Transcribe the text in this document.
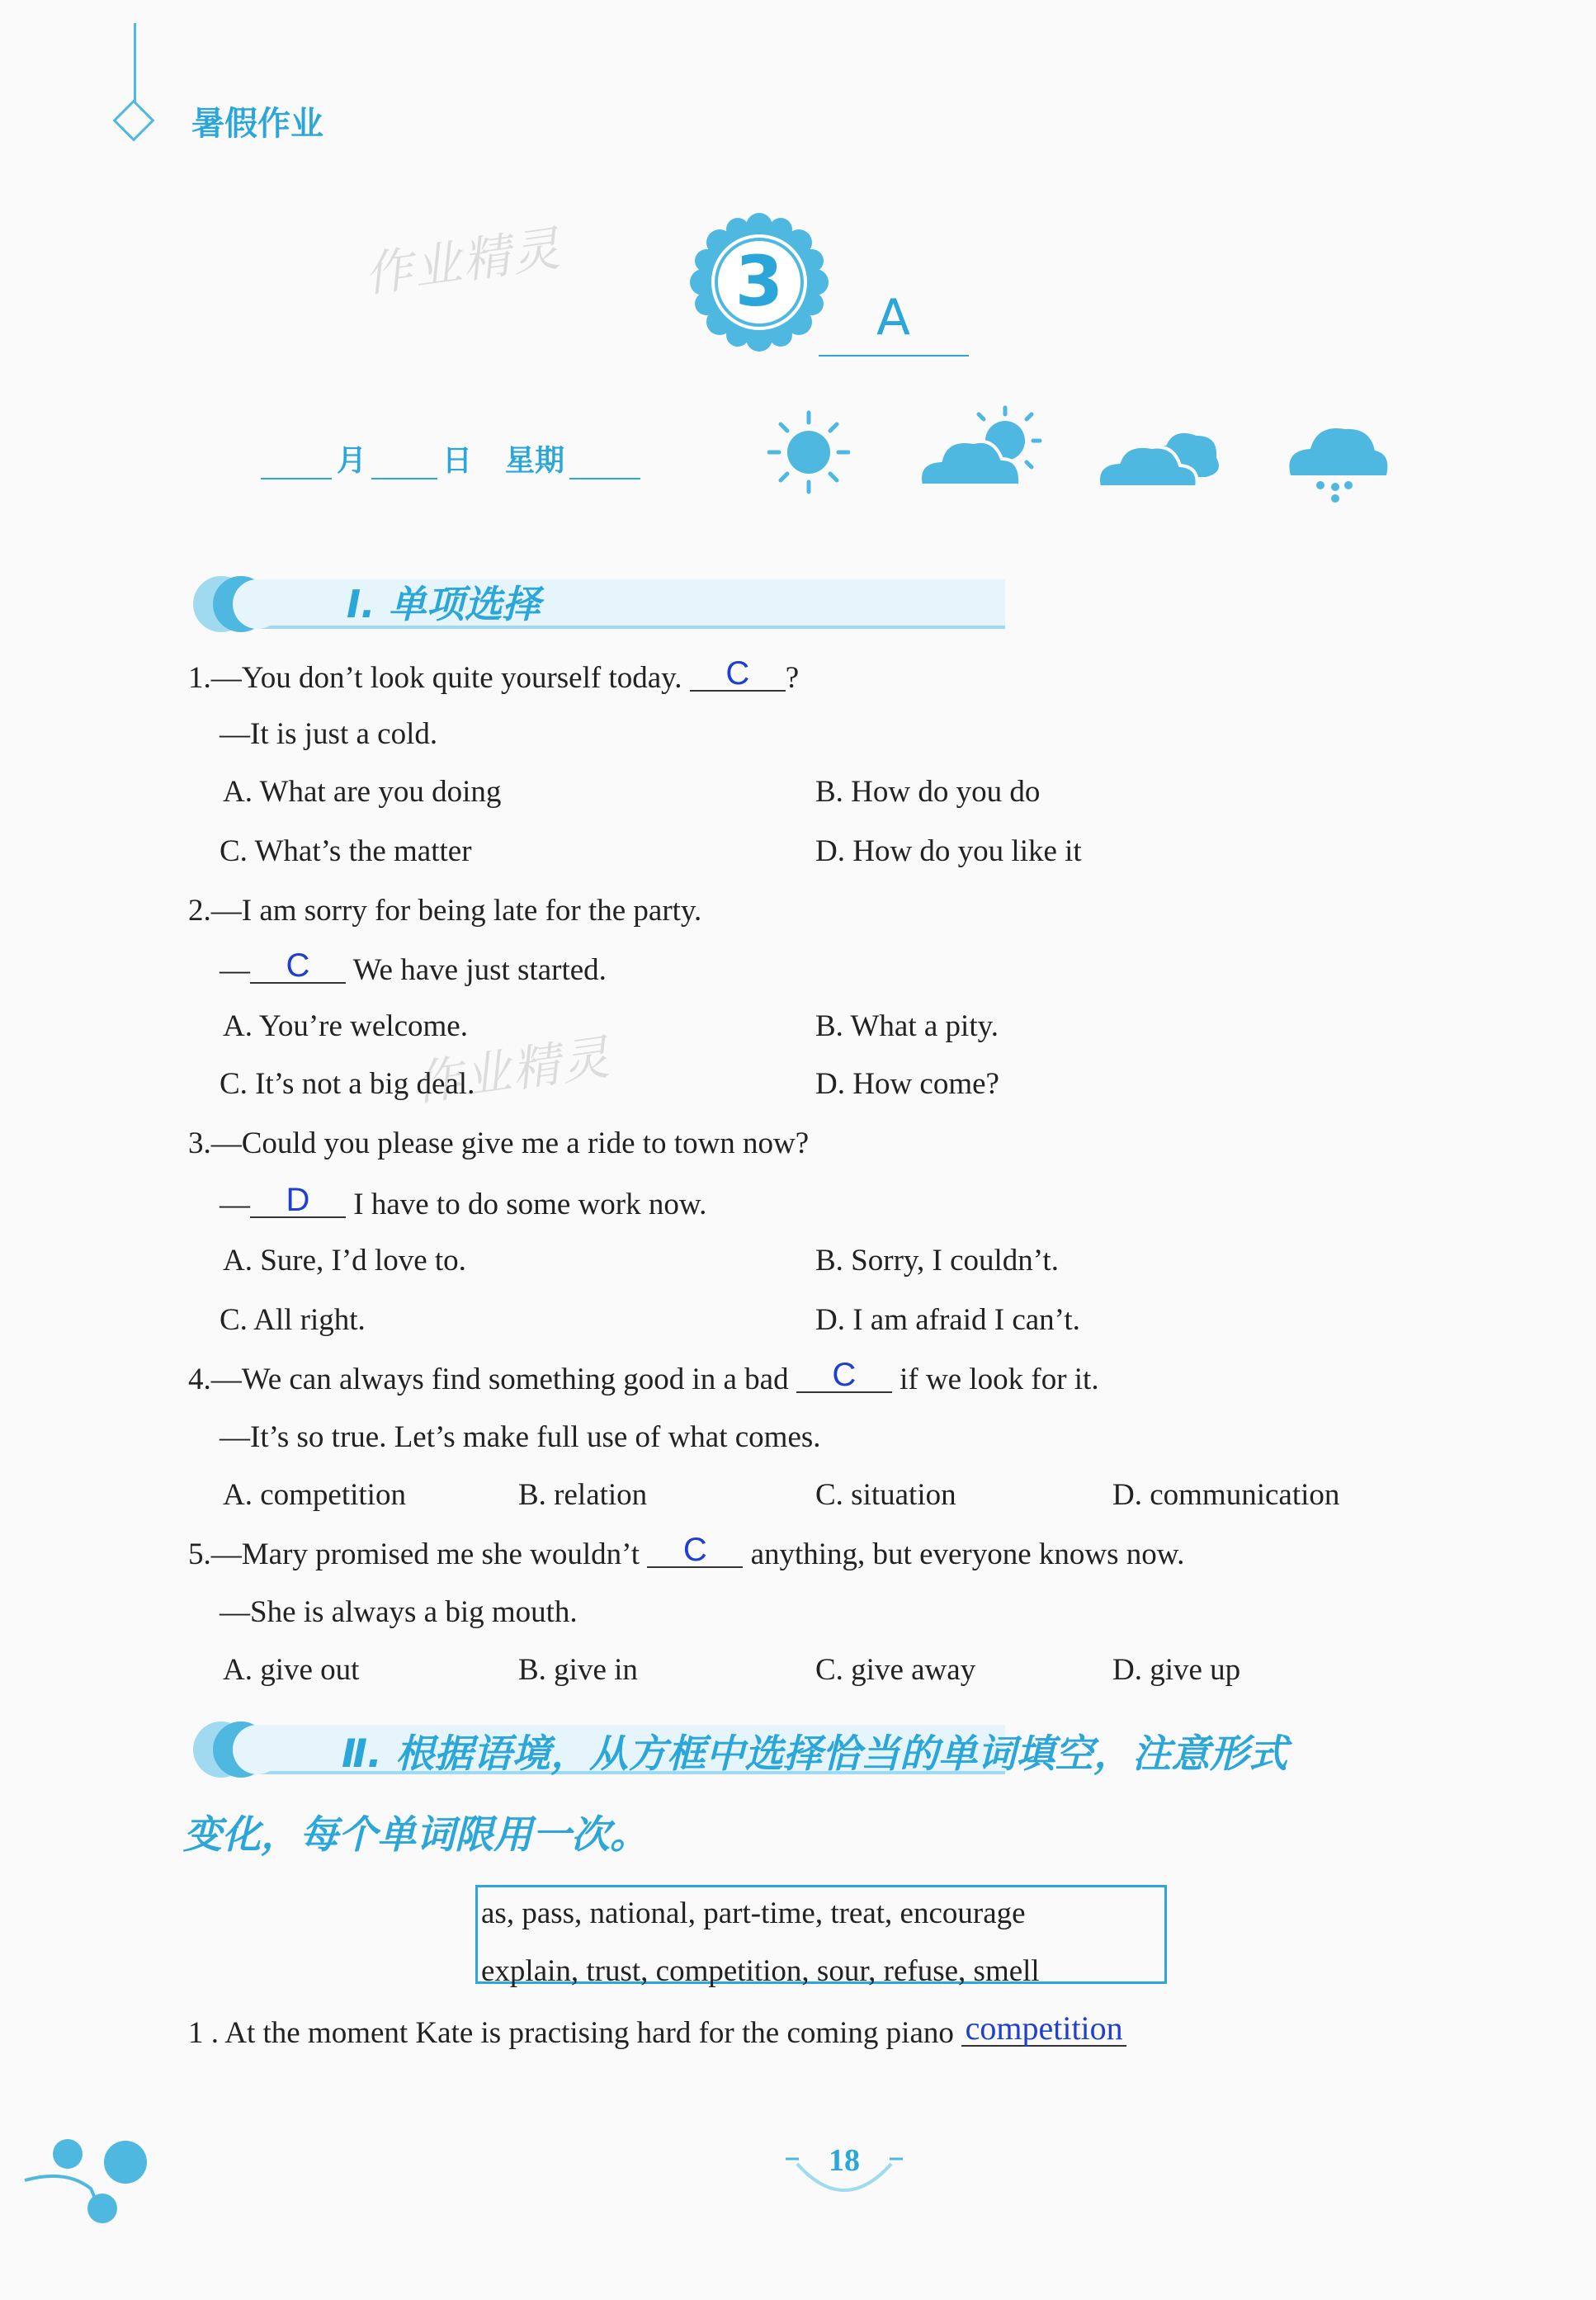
暑假作业
作业精灵
作业精灵
3 A
月	日 星期
Ⅰ. 单项选择
1.—You don’t look quite yourself today. C ?
—It is just a cold.
A. What are you doing	B. How do you do
C. What’s the matter	D. How do you like it
2.—I am sorry for being late for the party.
— C We have just started.
A. You’re welcome.	B. What a pity.
C. It’s not a big deal.	D. How come?
3.—Could you please give me a ride to town now?
— D I have to do some work now.
A. Sure, I’d love to.	B. Sorry, I couldn’t.
C. All right.	D. I am afraid I can’t.
4.—We can always find something good in a bad C if we look for it.
—It’s so true. Let’s make full use of what comes.
A. competition	B. relation	C. situation	D. communication
5.—Mary promised me she wouldn’t C anything, but everyone knows now.
—She is always a big mouth.
A. give out	B. give in	C. give away	D. give up
Ⅱ. 根据语境，从方框中选择恰当的单词填空，注意形式
变化，每个单词限用一次。
as, pass, national, part-time, treat, encourage
explain, trust, competition, sour, refuse, smell
1 . At the moment Kate is practising hard for the coming piano competition
18
